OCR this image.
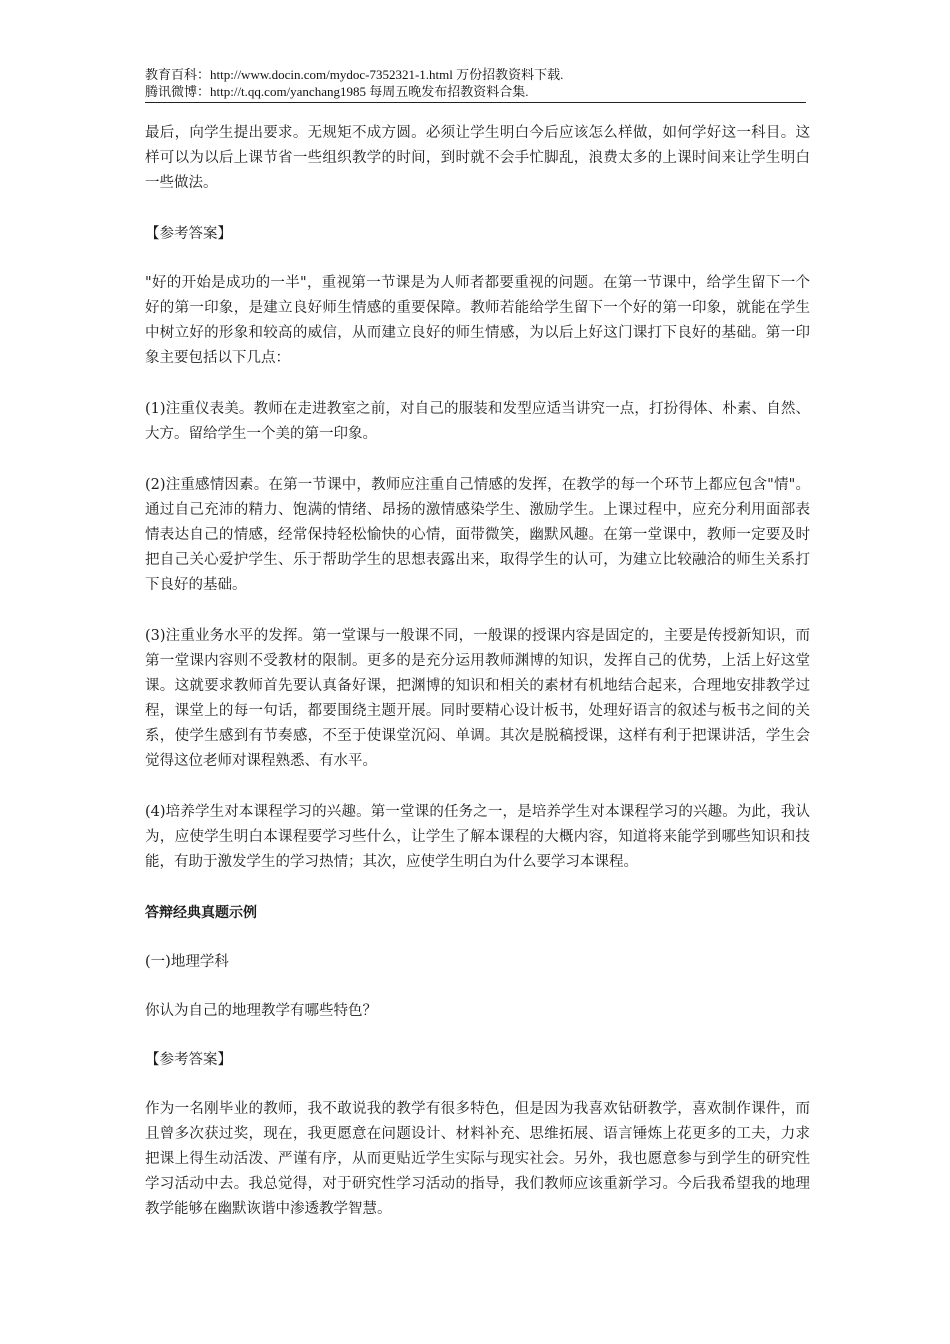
教育百科：http://www.docin.com/mydoc-7352321-1.html 万份招教资料下载.
腾讯微博：http://t.qq.com/yanchang1985 每周五晚发布招教资料合集.

最后，向学生提出要求。无规矩不成方圆。必须让学生明白今后应该怎么样做，如何学好这一科目。这样可以为以后上课节省一些组织教学的时间，到时就不会手忙脚乱，浪费太多的上课时间来让学生明白一些做法。

【参考答案】

"好的开始是成功的一半"，重视第一节课是为人师者都要重视的问题。在第一节课中，给学生留下一个好的第一印象，是建立良好师生情感的重要保障。教师若能给学生留下一个好的第一印象，就能在学生中树立好的形象和较高的威信，从而建立良好的师生情感，为以后上好这门课打下良好的基础。第一印象主要包括以下几点：

(1)注重仪表美。教师在走进教室之前，对自己的服装和发型应适当讲究一点，打扮得体、朴素、自然、大方。留给学生一个美的第一印象。

(2)注重感情因素。在第一节课中，教师应注重自己情感的发挥，在教学的每一个环节上都应包含"情"。通过自己充沛的精力、饱满的情绪、昂扬的激情感染学生、激励学生。上课过程中，应充分利用面部表情表达自己的情感，经常保持轻松愉快的心情，面带微笑，幽默风趣。在第一堂课中，教师一定要及时把自己关心爱护学生、乐于帮助学生的思想表露出来，取得学生的认可，为建立比较融洽的师生关系打下良好的基础。

(3)注重业务水平的发挥。第一堂课与一般课不同，一般课的授课内容是固定的，主要是传授新知识，而第一堂课内容则不受教材的限制。更多的是充分运用教师渊博的知识，发挥自己的优势，上活上好这堂课。这就要求教师首先要认真备好课，把渊博的知识和相关的素材有机地结合起来，合理地安排教学过程，课堂上的每一句话，都要围绕主题开展。同时要精心设计板书，处理好语言的叙述与板书之间的关系，使学生感到有节奏感，不至于使课堂沉闷、单调。其次是脱稿授课，这样有利于把课讲活，学生会觉得这位老师对课程熟悉、有水平。

(4)培养学生对本课程学习的兴趣。第一堂课的任务之一，是培养学生对本课程学习的兴趣。为此，我认为，应使学生明白本课程要学习些什么，让学生了解本课程的大概内容，知道将来能学到哪些知识和技能，有助于激发学生的学习热情；其次，应使学生明白为什么要学习本课程。

答辩经典真题示例

(一)地理学科

你认为自己的地理教学有哪些特色？

【参考答案】

作为一名刚毕业的教师，我不敢说我的教学有很多特色，但是因为我喜欢钻研教学，喜欢制作课件，而且曾多次获过奖，现在，我更愿意在问题设计、材料补充、思维拓展、语言锤炼上花更多的工夫，力求把课上得生动活泼、严谨有序，从而更贴近学生实际与现实社会。另外，我也愿意参与到学生的研究性学习活动中去。我总觉得，对于研究性学习活动的指导，我们教师应该重新学习。今后我希望我的地理教学能够在幽默诙谐中渗透教学智慧。
